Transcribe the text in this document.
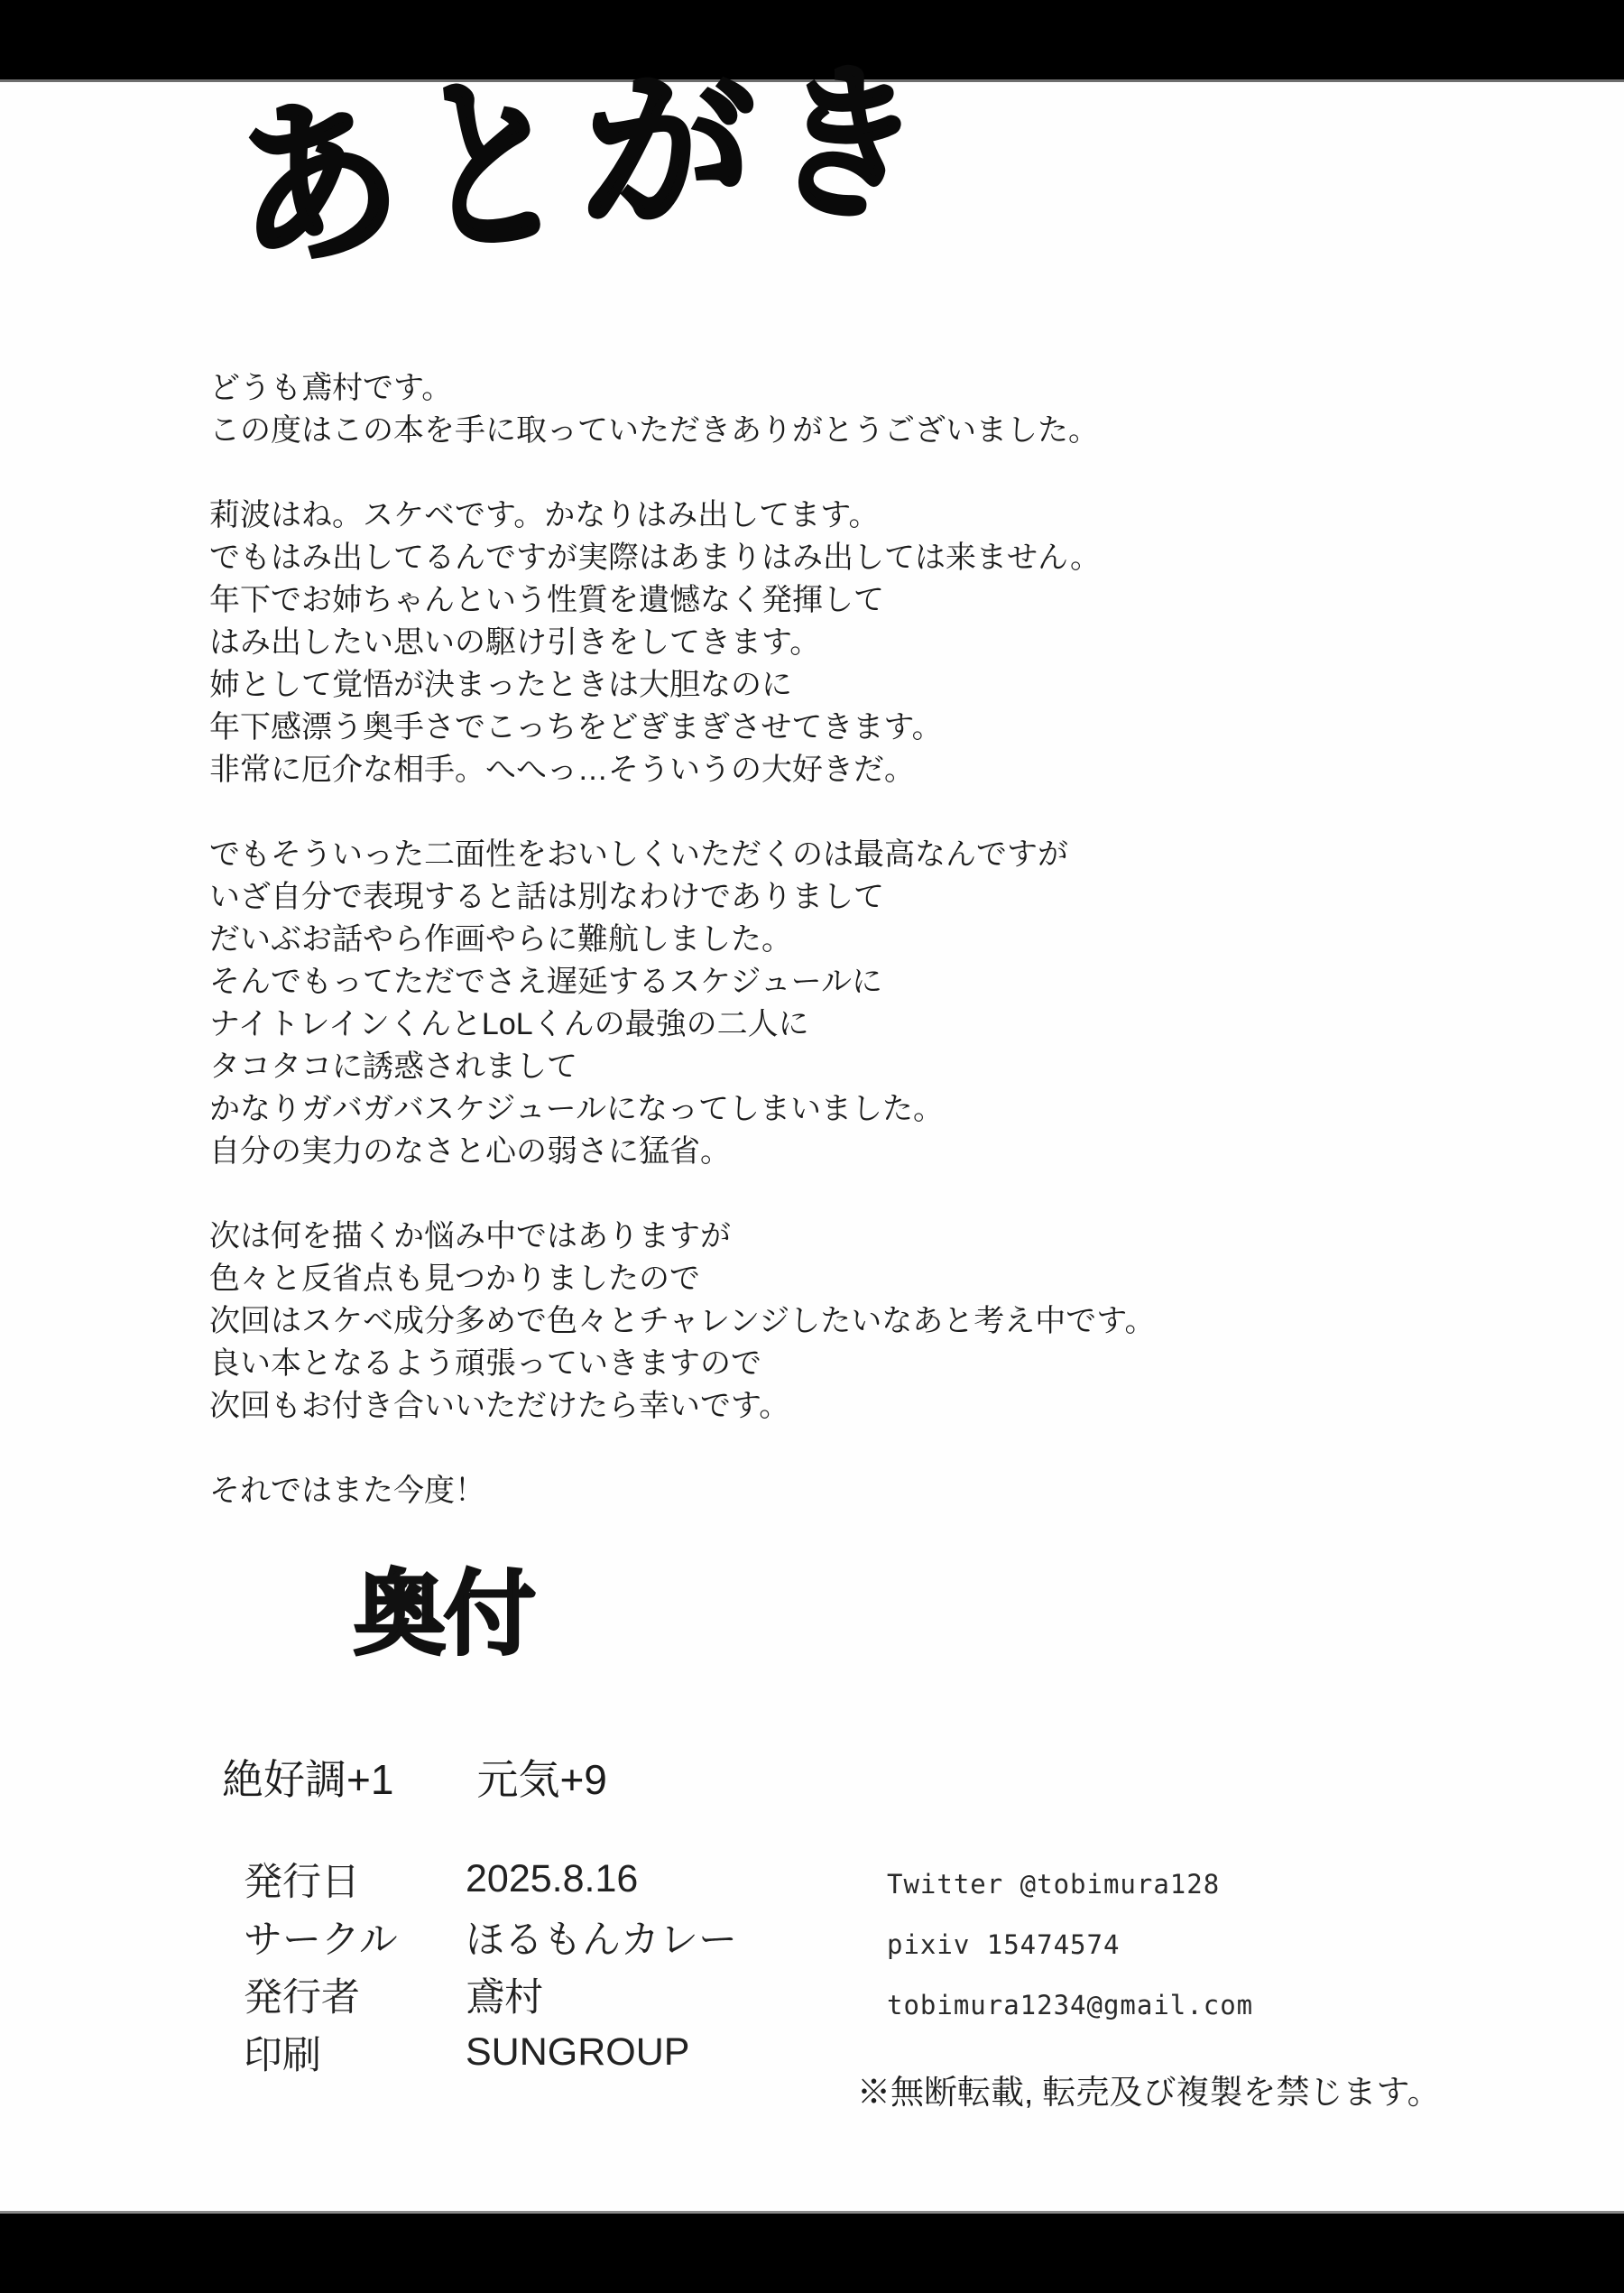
あとがき
どうも鳶村です。
この度はこの本を手に取っていただきありがとうございました。

莉波はね。スケベです。かなりはみ出してます。
でもはみ出してるんですが実際はあまりはみ出しては来ません。
年下でお姉ちゃんという性質を遺憾なく発揮して
はみ出したい思いの駆け引きをしてきます。
姉として覚悟が決まったときは大胆なのに
年下感漂う奥手さでこっちをどぎまぎさせてきます。
非常に厄介な相手。へへっ…そういうの大好きだ。

でもそういった二面性をおいしくいただくのは最高なんですが
いざ自分で表現すると話は別なわけでありまして
だいぶお話やら作画やらに難航しました。
そんでもってただでさえ遅延するスケジュールに
ナイトレインくんとLoLくんの最強の二人に
タコタコに誘惑されまして
かなりガバガバスケジュールになってしまいました。
自分の実力のなさと心の弱さに猛省。

次は何を描くか悩み中ではありますが
色々と反省点も見つかりましたので
次回はスケベ成分多めで色々とチャレンジしたいなあと考え中です。
良い本となるよう頑張っていきますので
次回もお付き合いいただけたら幸いです。

それではまた今度！
奥付
絶好調+1　　元気+9
発行日	2025.8.16
サークル	ほるもんカレー
発行者	鳶村
印刷	SUNGROUP
Twitter @tobimura128
pixiv 15474574
tobimura1234@gmail.com
※無断転載, 転売及び複製を禁じます。
